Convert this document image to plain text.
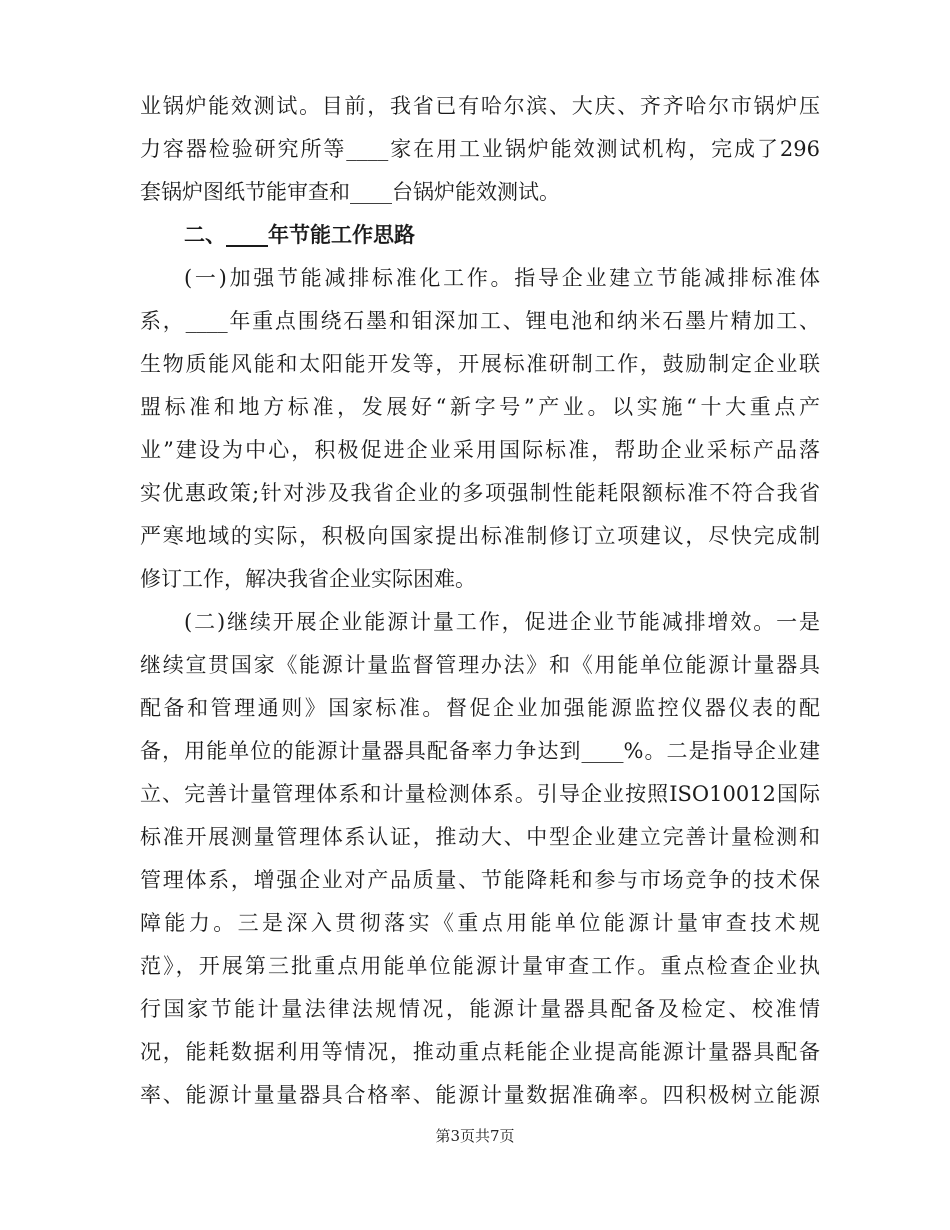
业锅炉能效测试。目前，我省已有哈尔滨、大庆、齐齐哈尔市锅炉压
力容器检验研究所等____家在用工业锅炉能效测试机构，完成了296
套锅炉图纸节能审查和____台锅炉能效测试。
二、____年节能工作思路
(一)加强节能减排标准化工作。指导企业建立节能减排标准体
系，____年重点围绕石墨和钼深加工、锂电池和纳米石墨片精加工、
生物质能风能和太阳能开发等，开展标准研制工作，鼓励制定企业联
盟标准和地方标准，发展好“新字号”产业。以实施“十大重点产
业”建设为中心，积极促进企业采用国际标准，帮助企业采标产品落
实优惠政策;针对涉及我省企业的多项强制性能耗限额标准不符合我省
严寒地域的实际，积极向国家提出标准制修订立项建议，尽快完成制
修订工作，解决我省企业实际困难。
(二)继续开展企业能源计量工作，促进企业节能减排增效。一是
继续宣贯国家《能源计量监督管理办法》和《用能单位能源计量器具
配备和管理通则》国家标准。督促企业加强能源监控仪器仪表的配
备，用能单位的能源计量器具配备率力争达到____%。二是指导企业建
立、完善计量管理体系和计量检测体系。引导企业按照ISO10012国际
标准开展测量管理体系认证，推动大、中型企业建立完善计量检测和
管理体系，增强企业对产品质量、节能降耗和参与市场竞争的技术保
障能力。三是深入贯彻落实《重点用能单位能源计量审查技术规
范》，开展第三批重点用能单位能源计量审查工作。重点检查企业执
行国家节能计量法律法规情况，能源计量器具配备及检定、校准情
况，能耗数据利用等情况，推动重点耗能企业提高能源计量器具配备
率、能源计量量器具合格率、能源计量数据准确率。四积极树立能源
第3页共7页
